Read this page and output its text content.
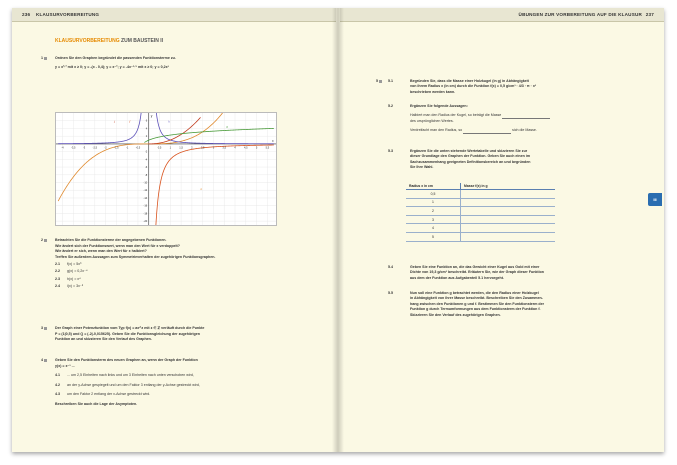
236 KLAUSURVORBEREITUNG	ÜBUNGEN ZUR VORBEREITUNG AUF DIE KLAUSUR 237
KLAUSURVORBEREITUNG ZUM BAUSTEIN II
1	Ordnen Sie den Graphen begründet die passenden Funktionsterme zu.

y = x²·² mit x ≥ 0; y = -(x - 0,4); y = x⁻²; y = -4x⁻¹·⁵ mit x ≥ 0; y = 0,2x³

-4	-3,5	-3	-2,5	-2	-1,5	-1	-0,5	0,5	1	1,5	2	2,5	3	3,5	4	4,5	5	5,5
6
4
2
-2
-4
-6
-8
-10
-12
-14
-16
-18
-20
x
y
j	f	h
g
k
2	Betrachten Sie die Funktionsterme der angegebenen Funktionen.

Wie ändert sich der Funktionswert, wenn man den Wert für x verdoppelt?

Wie ändert er sich, wenn man den Wert für x halbiert?

Treffen Sie außerdem Aussagen zum Symmetrieverhalten der zugehörigen Funktionsgraphen.

2.1 f(x) = 5x³

2.2 g(x) = 0,2x⁻⁴

2.3 h(x) = x⁴

2.4 i(x) = 3x⁻⁵

3	Der Graph einer Potenzfunktion vom Typ f(x) = ax^z mit z ∈ ℤ verläuft durch die Punkte

P = (1|0,5) und Q = (-2|-0,015625). Geben Sie die Funktionsgleichung der zugehörigen

Funktion an und skizzieren Sie den Verlauf des Graphen.

4	Geben Sie den Funktionsterm des neuen Graphen an, wenn der Graph der Funktion

y(x) = x⁻³ ...

4.1 ... um 2,5 Einheiten nach links und um 3 Einheiten nach unten verschoben wird,

4.2 an der y-Achse gespiegelt und um den Faktor 3 entlang der y-Achse gestreckt wird,

4.3 um den Faktor 2 entlang der x-Achse gestreckt wird.

Beschreiben Sie auch die Lage der Asymptoten.

5	5.1	Begründen Sie, dass die Masse einer Holzkugel (in g) in Abhängigkeit

von ihrem Radius x (in cm) durch die Funktion f(x) = 0,5 g/cm³ · 4/3 · π · x³

beschrieben werden kann.

5.2	Ergänzen Sie folgende Aussagen:

Halbiert man den Radius der Kugel, so beträgt die Masse

des ursprünglichen Wertes.

Verdreifacht man den Radius, so	sich die Masse.

5.3	Ergänzen Sie die unten stehende Wertetabelle und skizzieren Sie zur

dieser Grundlage den Graphen der Funktion. Geben Sie auch einen im

Sachzusammenhang geeigneten Definitionsbereich an und begründen

Sie Ihre Wahl.

Radius x in cm	Masse f(x) in g
0,5	
1	
2	
3	
4	
5	
5.4	Geben Sie eine Funktion an, die das Gewicht einer Kugel aus Gold mit einer

Dichte von 19,3 g/cm³ beschreibt. Erläutern Sie, wie der Graph dieser Funktion

aus dem der Funktion aus Aufgabenteil 5.1 hervorgeht.

5.5	Nun soll eine Funktion g betrachtet werden, die den Radius einer Holzkugel

in Abhängigkeit von ihrer Masse beschreibt. Beschreiben Sie den Zusammen-

hang zwischen den Funktionen g und f. Bestimmen Sie den Funktionsterm der

Funktion g durch Termumformungen aus dem Funktionsterm der Funktion f.

Skizzieren Sie den Verlauf des zugehörigen Graphen.

III
